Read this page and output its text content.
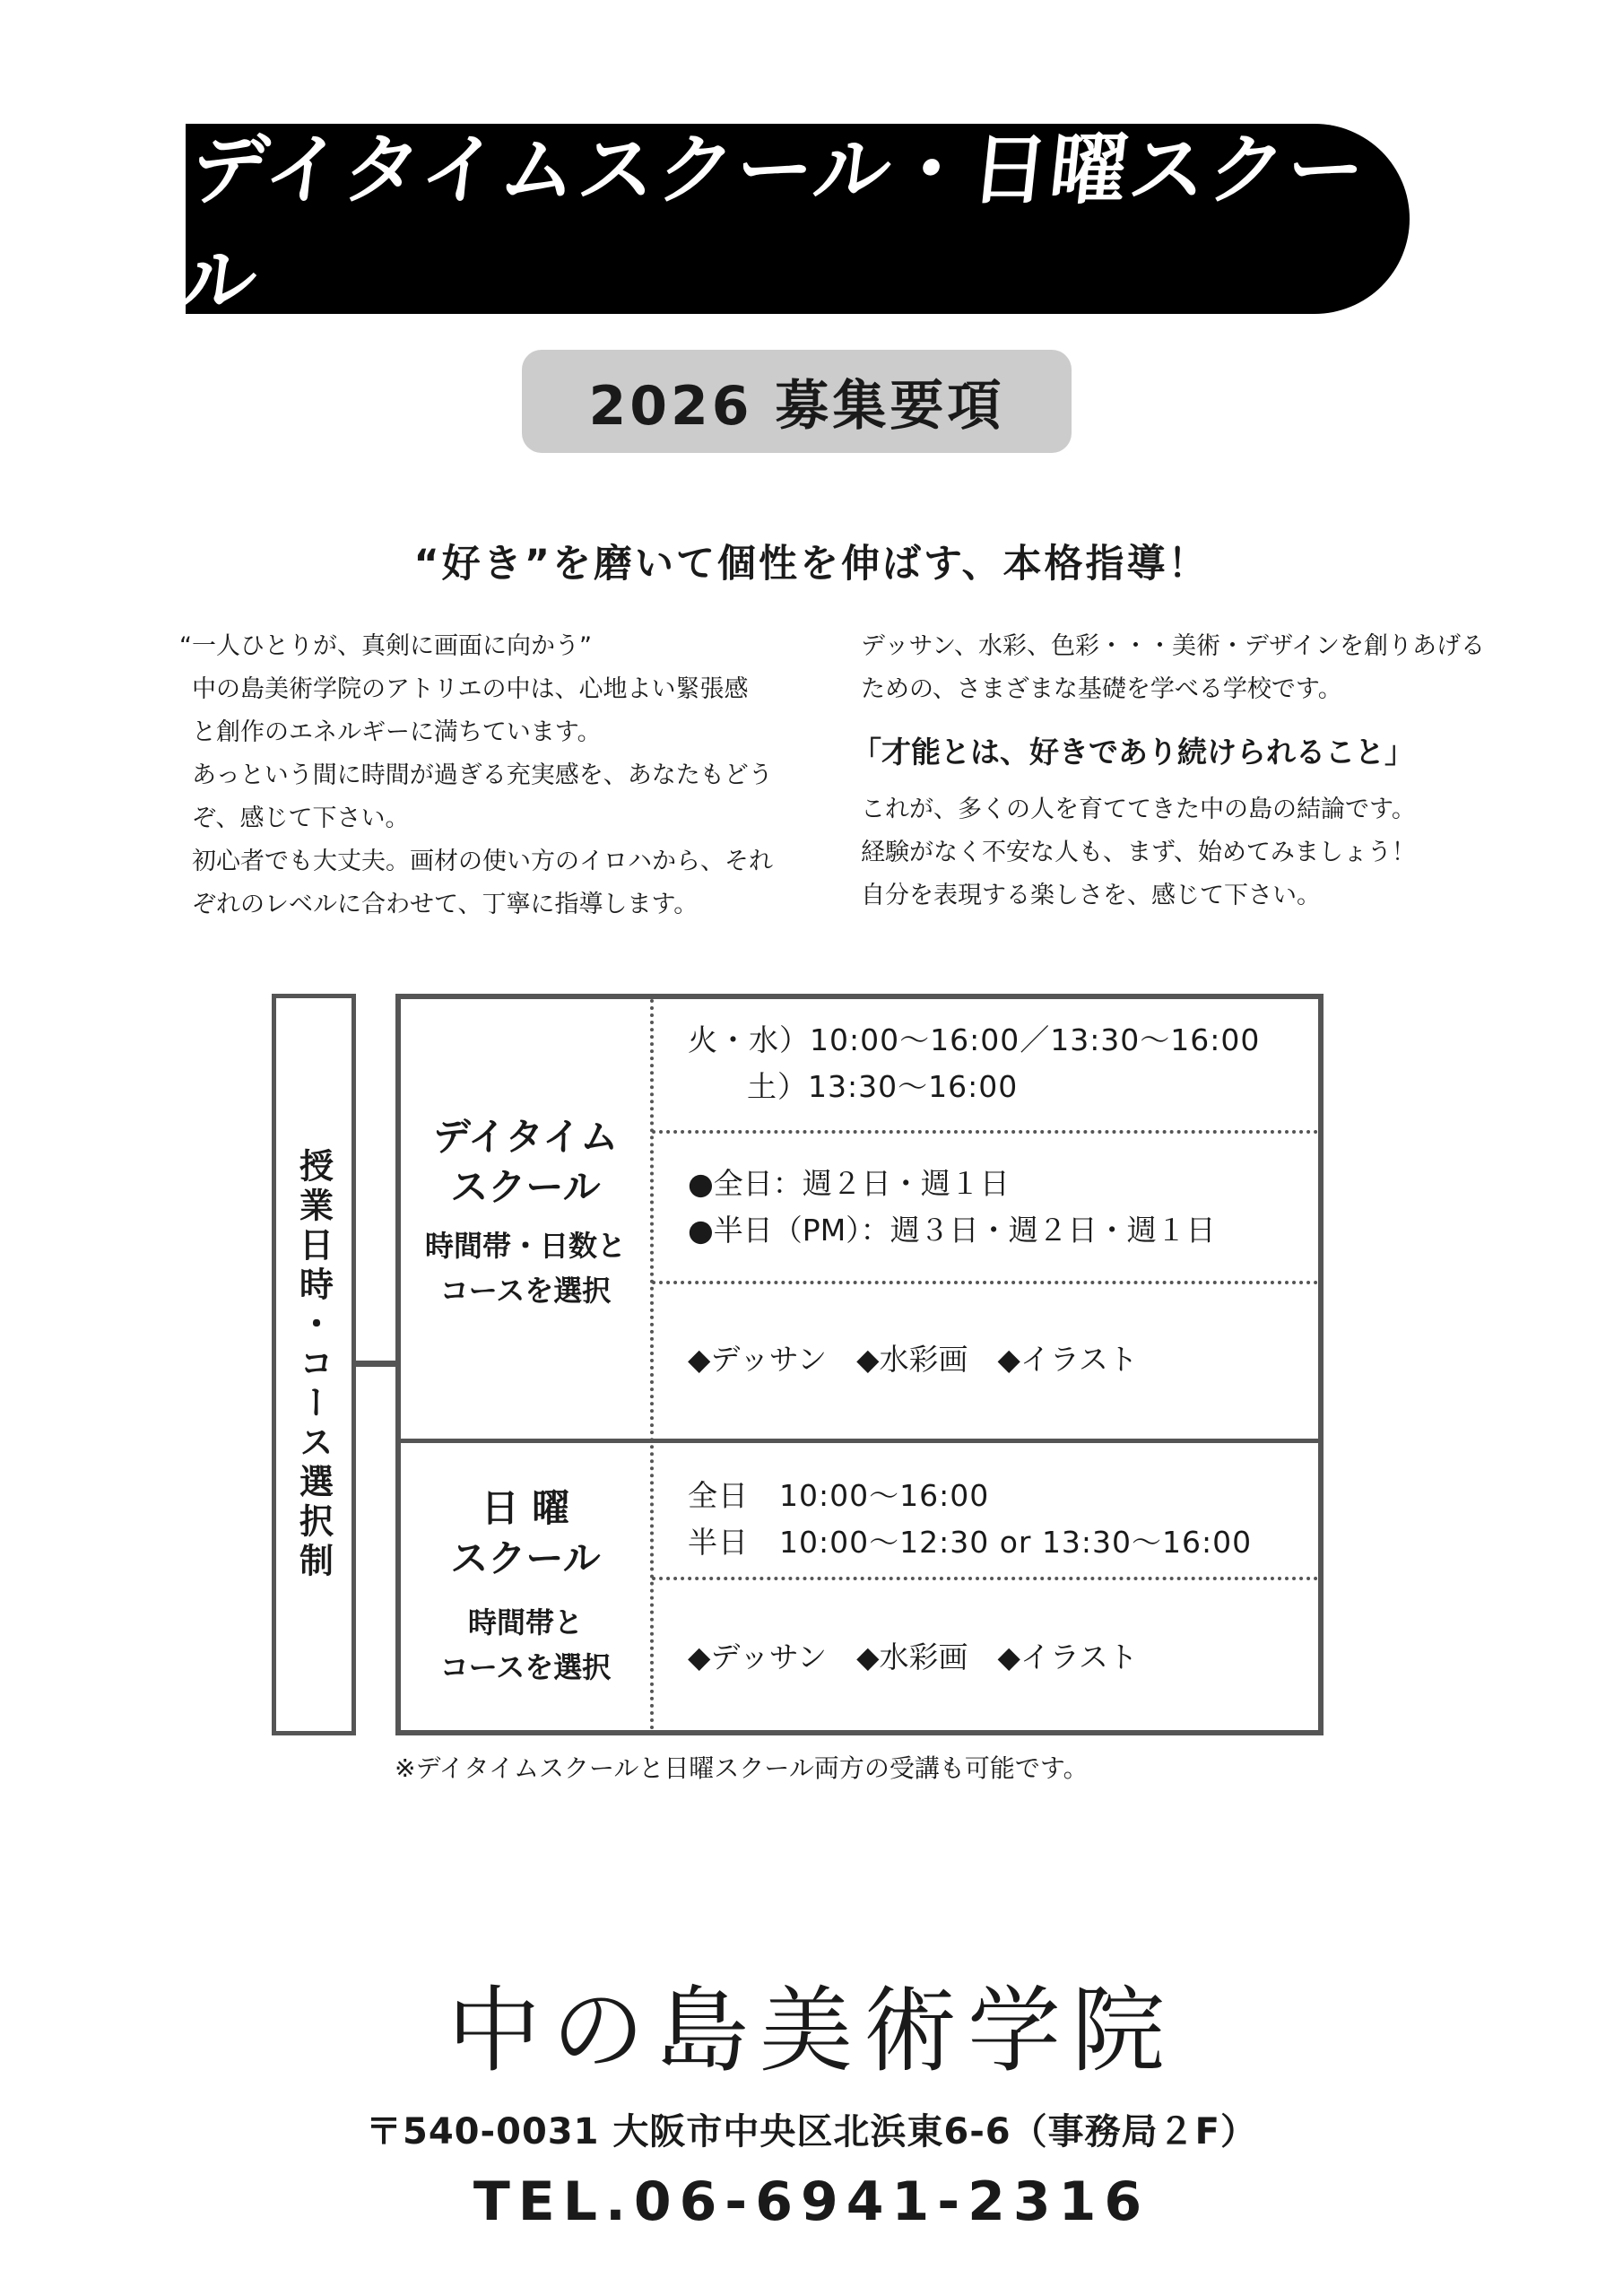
デイタイムスクール・日曜スクール
2026 募集要項
“好き”を磨いて個性を伸ばす、本格指導！

“一人ひとりが、真剣に画面に向かう”

中の島美術学院のアトリエの中は、心地よい緊張感

と創作のエネルギーに満ちています。

あっという間に時間が過ぎる充実感を、あなたもどう

ぞ、感じて下さい。

初心者でも大丈夫。画材の使い方のイロハから、それ

ぞれのレベルに合わせて、丁寧に指導します。

デッサン、水彩、色彩・・・美術・デザインを創りあげる

ための、さまざまな基礎を学べる学校です。

「才能とは、好きであり続けられること」

これが、多くの人を育ててきた中の島の結論です。

経験がなく不安な人も、まず、始めてみましょう！

自分を表現する楽しさを、感じて下さい。

授業日時・コース選択制
デイタイム
スクール
時間帯・日数と
コースを選択
火・水）10:00〜16:00／13:30〜16:00
土）13:30〜16:00
●全日：週２日・週１日
●半日（PM）：週３日・週２日・週１日
◆デッサン　◆水彩画　◆イラスト
日 曜
スクール
時間帯と
コースを選択
全日　10:00〜16:00
半日　10:00〜12:30 or 13:30〜16:00
◆デッサン　◆水彩画　◆イラスト
※デイタイムスクールと日曜スクール両方の受講も可能です。
中の島美術学院
〒540-0031 大阪市中央区北浜東6-6（事務局２F）
TEL.06-6941-2316
